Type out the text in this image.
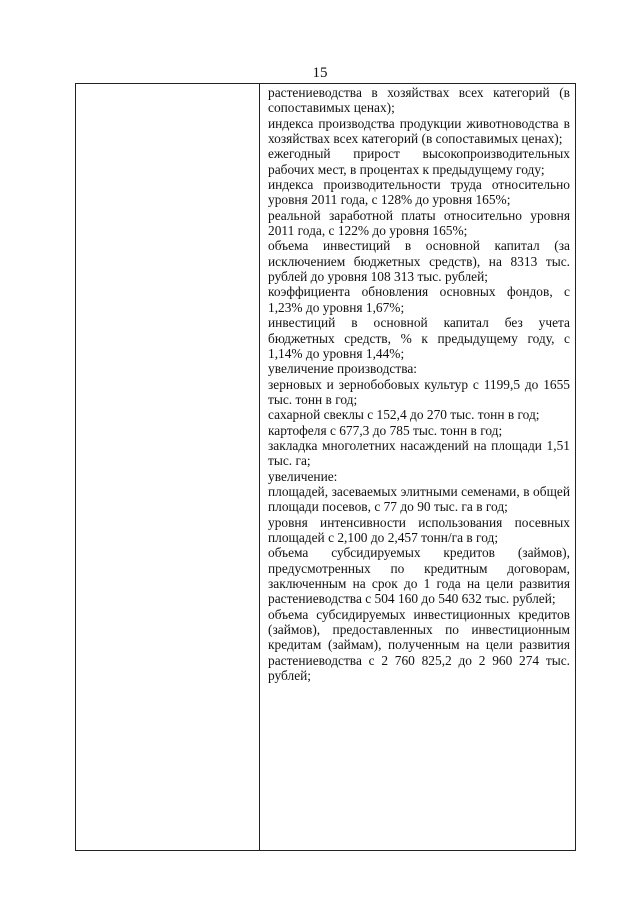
15
растениеводства в хозяйствах всех категорий (в сопоставимых ценах);
индекса производства продукции животноводства в хозяйствах всех категорий (в сопоставимых ценах);
ежегодный прирост высокопроизводительных рабочих мест, в процентах к предыдущему году;
индекса производительности труда относительно уровня 2011 года, с 128% до уровня 165%;
реальной заработной платы относительно уровня 2011 года, с 122% до уровня 165%;
объема инвестиций в основной капитал (за исключением бюджетных средств), на 8313 тыс. рублей до уровня 108 313 тыс. рублей;
коэффициента обновления основных фондов, с 1,23% до уровня 1,67%;
инвестиций в основной капитал без учета бюджетных средств, % к предыдущему году, с 1,14% до уровня 1,44%;
увеличение производства:
зерновых и зернобобовых культур с 1199,5 до 1655 тыс. тонн в год;
сахарной свеклы с 152,4 до 270 тыс. тонн в год;
картофеля с 677,3 до 785 тыс. тонн в год;
закладка многолетних насаждений на площади 1,51 тыс. га;
увеличение:
площадей, засеваемых элитными семенами, в общей площади посевов, с 77 до 90 тыс. га в год;
уровня интенсивности использования посевных площадей с 2,100 до 2,457 тонн/га в год;
объема субсидируемых кредитов (займов), предусмотренных по кредитным договорам, заключенным на срок до 1 года на цели развития растениеводства с 504 160 до 540 632 тыс. рублей;
объема субсидируемых инвестиционных кредитов (займов), предоставленных по инвестиционным кредитам (займам), полученным на цели развития растениеводства с 2 760 825,2 до 2 960 274 тыс. рублей;
